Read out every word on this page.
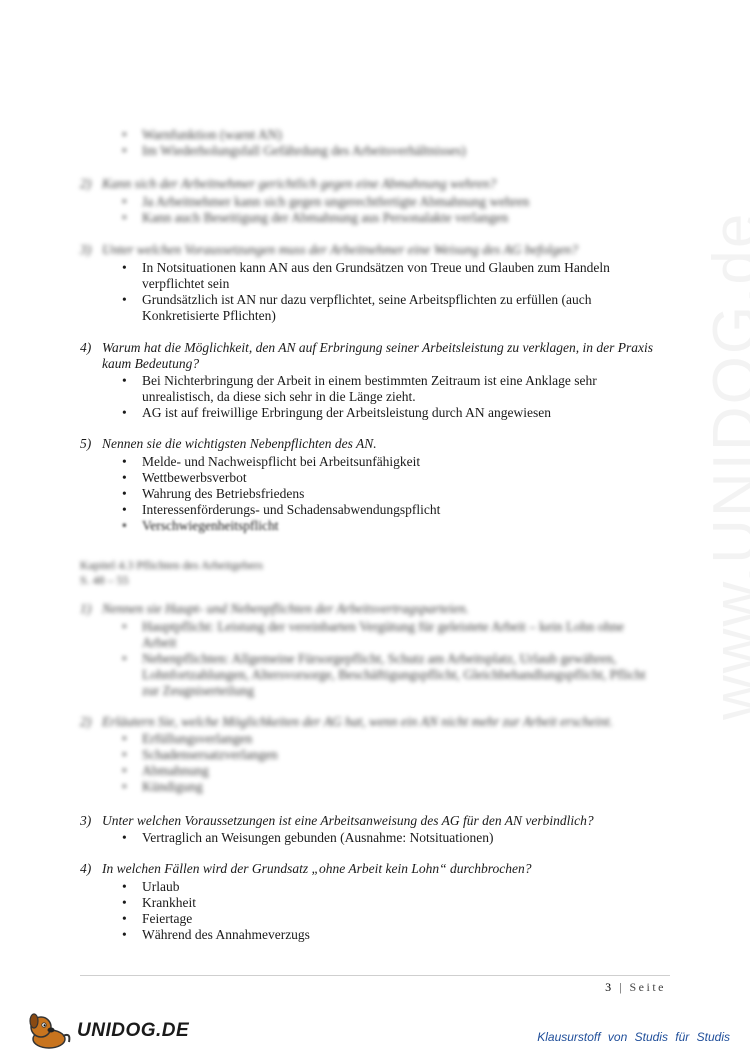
• Warnfunktion (warnt AN)
• Im Wiederholungsfall Gefährdung des Arbeitsverhältnisses)
2) Kann sich der Arbeitnehmer gerichtlich gegen eine Abmahnung wehren?
• Ja Arbeitnehmer kann sich gegen ungerechtfertigte Abmahnung wehren
• Kann auch Beseitigung der Abmahnung aus Personalakte verlangen
3) Unter welchen Voraussetzungen muss der Arbeitnehmer eine Weisung des AG befolgen?
• In Notsituationen kann AN aus den Grundsätzen von Treue und Glauben zum Handeln verpflichtet sein
• Grundsätzlich ist AN nur dazu verpflichtet, seine Arbeitspflichten zu erfüllen (auch Konkretisierte Pflichten)
4) Warum hat die Möglichkeit, den AN auf Erbringung seiner Arbeitsleistung zu verklagen, in der Praxis kaum Bedeutung?
• Bei Nichterbringung der Arbeit in einem bestimmten Zeitraum ist eine Anklage sehr unrealistisch, da diese sich sehr in die Länge zieht.
• AG ist auf freiwillige Erbringung der Arbeitsleistung durch AN angewiesen
5) Nennen sie die wichtigsten Nebenpflichten des AN.
• Melde- und Nachweispflicht bei Arbeitsunfähigkeit
• Wettbewerbsverbot
• Wahrung des Betriebsfriedens
• Interessenförderungs- und Schadensabwendungspflicht
• Verschwiegenheitspflicht
Kapitel 4.3 Pflichten des Arbeitgebers
S. 48 – 55
1) Nennen sie Haupt- und Nebenpflichten der Arbeitsvertragsparteien.
• Hauptpflicht: Leistung der vereinbarten Vergütung für geleistete Arbeit – kein Lohn ohne Arbeit
• Nebenpflichten: Allgemeine Fürsorgepflicht, Schutz am Arbeitsplatz, Urlaub gewähren, Lohnfortzahlungen, Altersvorsorge, Beschäftigungspflicht, Gleichbehandlungspflicht, Pflicht zur Zeugniserteilung
2) Erläutern Sie, welche Möglichkeiten der AG hat, wenn ein AN nicht mehr zur Arbeit erscheint.
• Erfüllungsverlangen
• Schadensersatzverlangen
• Abmahnung
• Kündigung
3) Unter welchen Voraussetzungen ist eine Arbeitsanweisung des AG für den AN verbindlich?
• Vertraglich an Weisungen gebunden (Ausnahme: Notsituationen)
4) In welchen Fällen wird der Grundsatz „ohne Arbeit kein Lohn“ durchbrochen?
• Urlaub
• Krankheit
• Feiertage
• Während des Annahmeverzugs
3 | Seite
UNIDOG.DE	Klausurstoff von Studis für Studis
